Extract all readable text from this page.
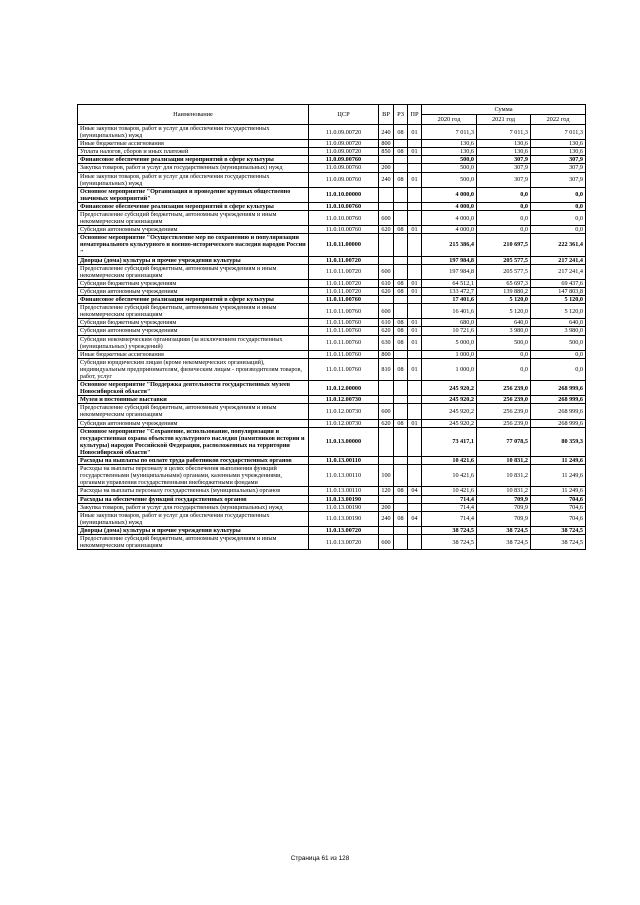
Наименование	ЦСР	ВР	РЗ	ПР	Сумма		
					2020 год	2021 год	2022 год
Иные закупки товаров, работ и услуг для обеспечения государственных (муниципальных) нужд	11.0.09.00720	240	08	01	7 011,3	7 011,3	7 011,3
Иные бюджетные ассигнования	11.0.09.00720	800			130,6	130,6	130,6
Уплата налогов, сборов и иных платежей	11.0.09.00720	850	08	01	130,6	130,6	130,6
Финансовое обеспечение реализации мероприятий в сфере культуры	11.0.09.00760				500,0	307,9	307,9
Закупка товаров, работ и услуг для государственных (муниципальных) нужд	11.0.09.00760	200			500,0	307,9	307,9
Иные закупки товаров, работ и услуг для обеспечения государственных (муниципальных) нужд	11.0.09.00760	240	08	01	500,0	307,9	307,9
Основное мероприятие "Организация и проведение крупных общественно значимых мероприятий"	11.0.10.00000				4 000,0	0,0	0,0
Финансовое обеспечение реализации мероприятий в сфере культуры	11.0.10.00760				4 000,0	0,0	0,0
Предоставление субсидий бюджетным, автономным учреждениям и иным некоммерческим организациям	11.0.10.00760	600			4 000,0	0,0	0,0
Субсидии автономным учреждениям	11.0.10.00760	620	08	01	4 000,0	0,0	0,0
Основное мероприятие "Осуществление мер по сохранению и популяризации нематериального культурного и военно-исторического наследия народов России "	11.0.11.00000				215 386,4	210 697,5	222 361,4
Дворцы (дома) культуры и прочие учреждения культуры	11.0.11.00720				197 984,8	205 577,5	217 241,4
Предоставление субсидий бюджетным, автономным учреждениям и иным некоммерческим организациям	11.0.11.00720	600			197 984,8	205 577,5	217 241,4
Субсидии бюджетным учреждениям	11.0.11.00720	610	08	01	64 512,1	65 697,3	69 437,6
Субсидии автономным учреждениям	11.0.11.00720	620	08	01	133 472,7	139 880,2	147 803,8
Финансовое обеспечение реализации мероприятий в сфере культуры	11.0.11.00760				17 401,6	5 120,0	5 120,0
Предоставление субсидий бюджетным, автономным учреждениям и иным некоммерческим организациям	11.0.11.00760	600			16 401,6	5 120,0	5 120,0
Субсидии бюджетным учреждениям	11.0.11.00760	610	08	01	680,0	640,0	640,0
Субсидии автономным учреждениям	11.0.11.00760	620	08	01	10 721,6	3 980,0	3 980,0
Субсидии некоммерческим организациям (за исключением государственных (муниципальных) учреждений)	11.0.11.00760	630	08	01	5 000,0	500,0	500,0
Иные бюджетные ассигнования	11.0.11.00760	800			1 000,0	0,0	0,0
Субсидии юридическим лицам (кроме некоммерческих организаций), индивидуальным предпринимателям, физическим лицам - производителям товаров, работ, услуг	11.0.11.00760	810	08	01	1 000,0	0,0	0,0
Основное мероприятие "Поддержка деятельности государственных музеев Новосибирской области"	11.0.12.00000				245 920,2	256 239,0	268 999,6
Музеи и постоянные выставки	11.0.12.00730				245 920,2	256 239,0	268 999,6
Предоставление субсидий бюджетным, автономным учреждениям и иным некоммерческим организациям	11.0.12.00730	600			245 920,2	256 239,0	268 999,6
Субсидии автономным учреждениям	11.0.12.00730	620	08	01	245 920,2	256 239,0	268 999,6
Основное мероприятие "Сохранение, использование, популяризация и государственная охрана объектов культурного наследия (памятников истории и культуры) народов Российской Федерации, расположенных на территории Новосибирской области"	11.0.13.00000				73 417,1	77 078,5	80 359,3
Расходы на выплаты по оплате труда работников государственных органов	11.0.13.00110				10 421,6	10 831,2	11 249,6
Расходы на выплаты персоналу в целях обеспечения выполнения функций государственными (муниципальными) органами, казенными учреждениями, органами управления государственными внебюджетными фондами	11.0.13.00110	100			10 421,6	10 831,2	11 249,6
Расходы на выплаты персоналу государственных (муниципальных) органов	11.0.13.00110	120	08	04	10 421,6	10 831,2	11 249,6
Расходы на обеспечение функций государственных органов	11.0.13.00190				714,4	709,9	704,6
Закупка товаров, работ и услуг для государственных (муниципальных) нужд	11.0.13.00190	200			714,4	709,9	704,6
Иные закупки товаров, работ и услуг для обеспечения государственных (муниципальных) нужд	11.0.13.00190	240	08	04	714,4	709,9	704,6
Дворцы (дома) культуры и прочие учреждения культуры	11.0.13.00720				38 724,5	38 724,5	38 724,5
Предоставление субсидий бюджетным, автономным учреждениям и иным некоммерческим организациям	11.0.13.00720	600			38 724,5	38 724,5	38 724,5
Страница 61 из 128
